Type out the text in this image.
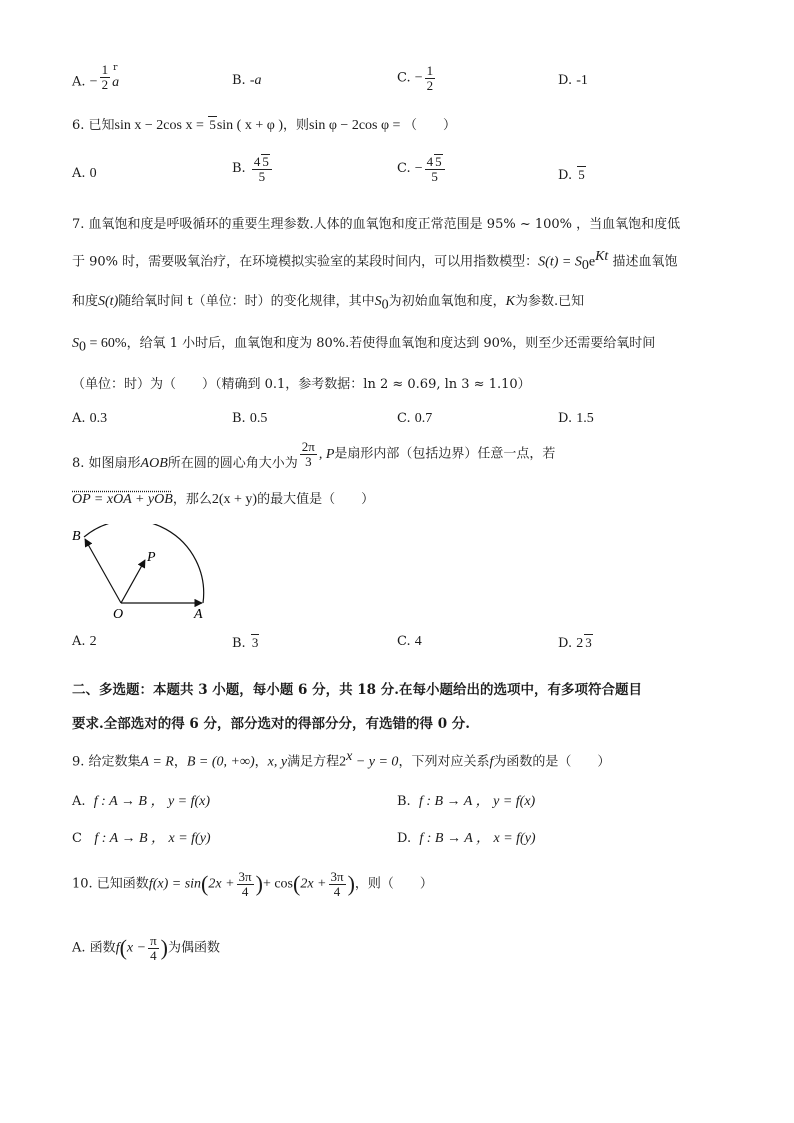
A. − $\frac{1}{2}$ a
r
B. -a	C. − $\frac{1}{2}$	D. -1
6. 已知sin x − 2cos x = 5sin ( x + φ )，则sin φ − 2cos φ = （　　）
A. 0	B. $\frac{4 5}{5}$	C. − $\frac{4 5}{5}$	D. 5
7. 血氧饱和度是呼吸循环的重要生理参数.人体的血氧饱和度正常范围是 95% ~ 100% ，当血氧饱和度低
于 90% 时，需要吸氧治疗，在环境模拟实验室的某段时间内，可以用指数模型：$S(t) = S_0e^{Kt}$ 描述血氧饱
和度S(t)随给氧时间 t（单位：时）的变化规律，其中$S_0$为初始血氧饱和度，K为参数.已知
$S_0 = 60\%$，给氧 1 小时后，血氧饱和度为 80%.若使得血氧饱和度达到 90%，则至少还需要给氧时间
（单位：时）为（　　）（精确到 0.1，参考数据：ln 2 ≈ 0.69, ln 3 ≈ 1.10）
A. 0.3	B. 0.5	C. 0.7	D. 1.5
8. 如图扇形AOB所在圆的圆心角大小为 $\frac{2\pi}{3}$ , P是扇形内部（包括边界）任意一点，若
OP = xOA + yOB，那么2(x + y)的最大值是（　　）
B
P
O	A
A. 2	B. 3	C. 4	D. 2 3
二、多选题：本题共 3 小题，每小题 6 分，共 18 分.在每小题给出的选项中，有多项符合题目
要求.全部选对的得 6 分，部分选对的得部分分，有选错的得 0 分.
9. 给定数集A = R，B = (0, +∞)，x, y满足方程$2^x - y = 0$，下列对应关系f为函数的是（　　）
A. f : A → B ， y = f(x)	B. f : B → A ， y = f(x)
C f : A → B ， x = f(y)	D. f : B → A ， x = f(y)
10. 已知函数$f(x) = \sin(2x + \frac{3\pi}{4}$ )+ $\cos(2x + \frac{3\pi}{4}$ )，则（　　）
A. 函数$f(x - \frac{\pi}{4}$ )为偶函数
